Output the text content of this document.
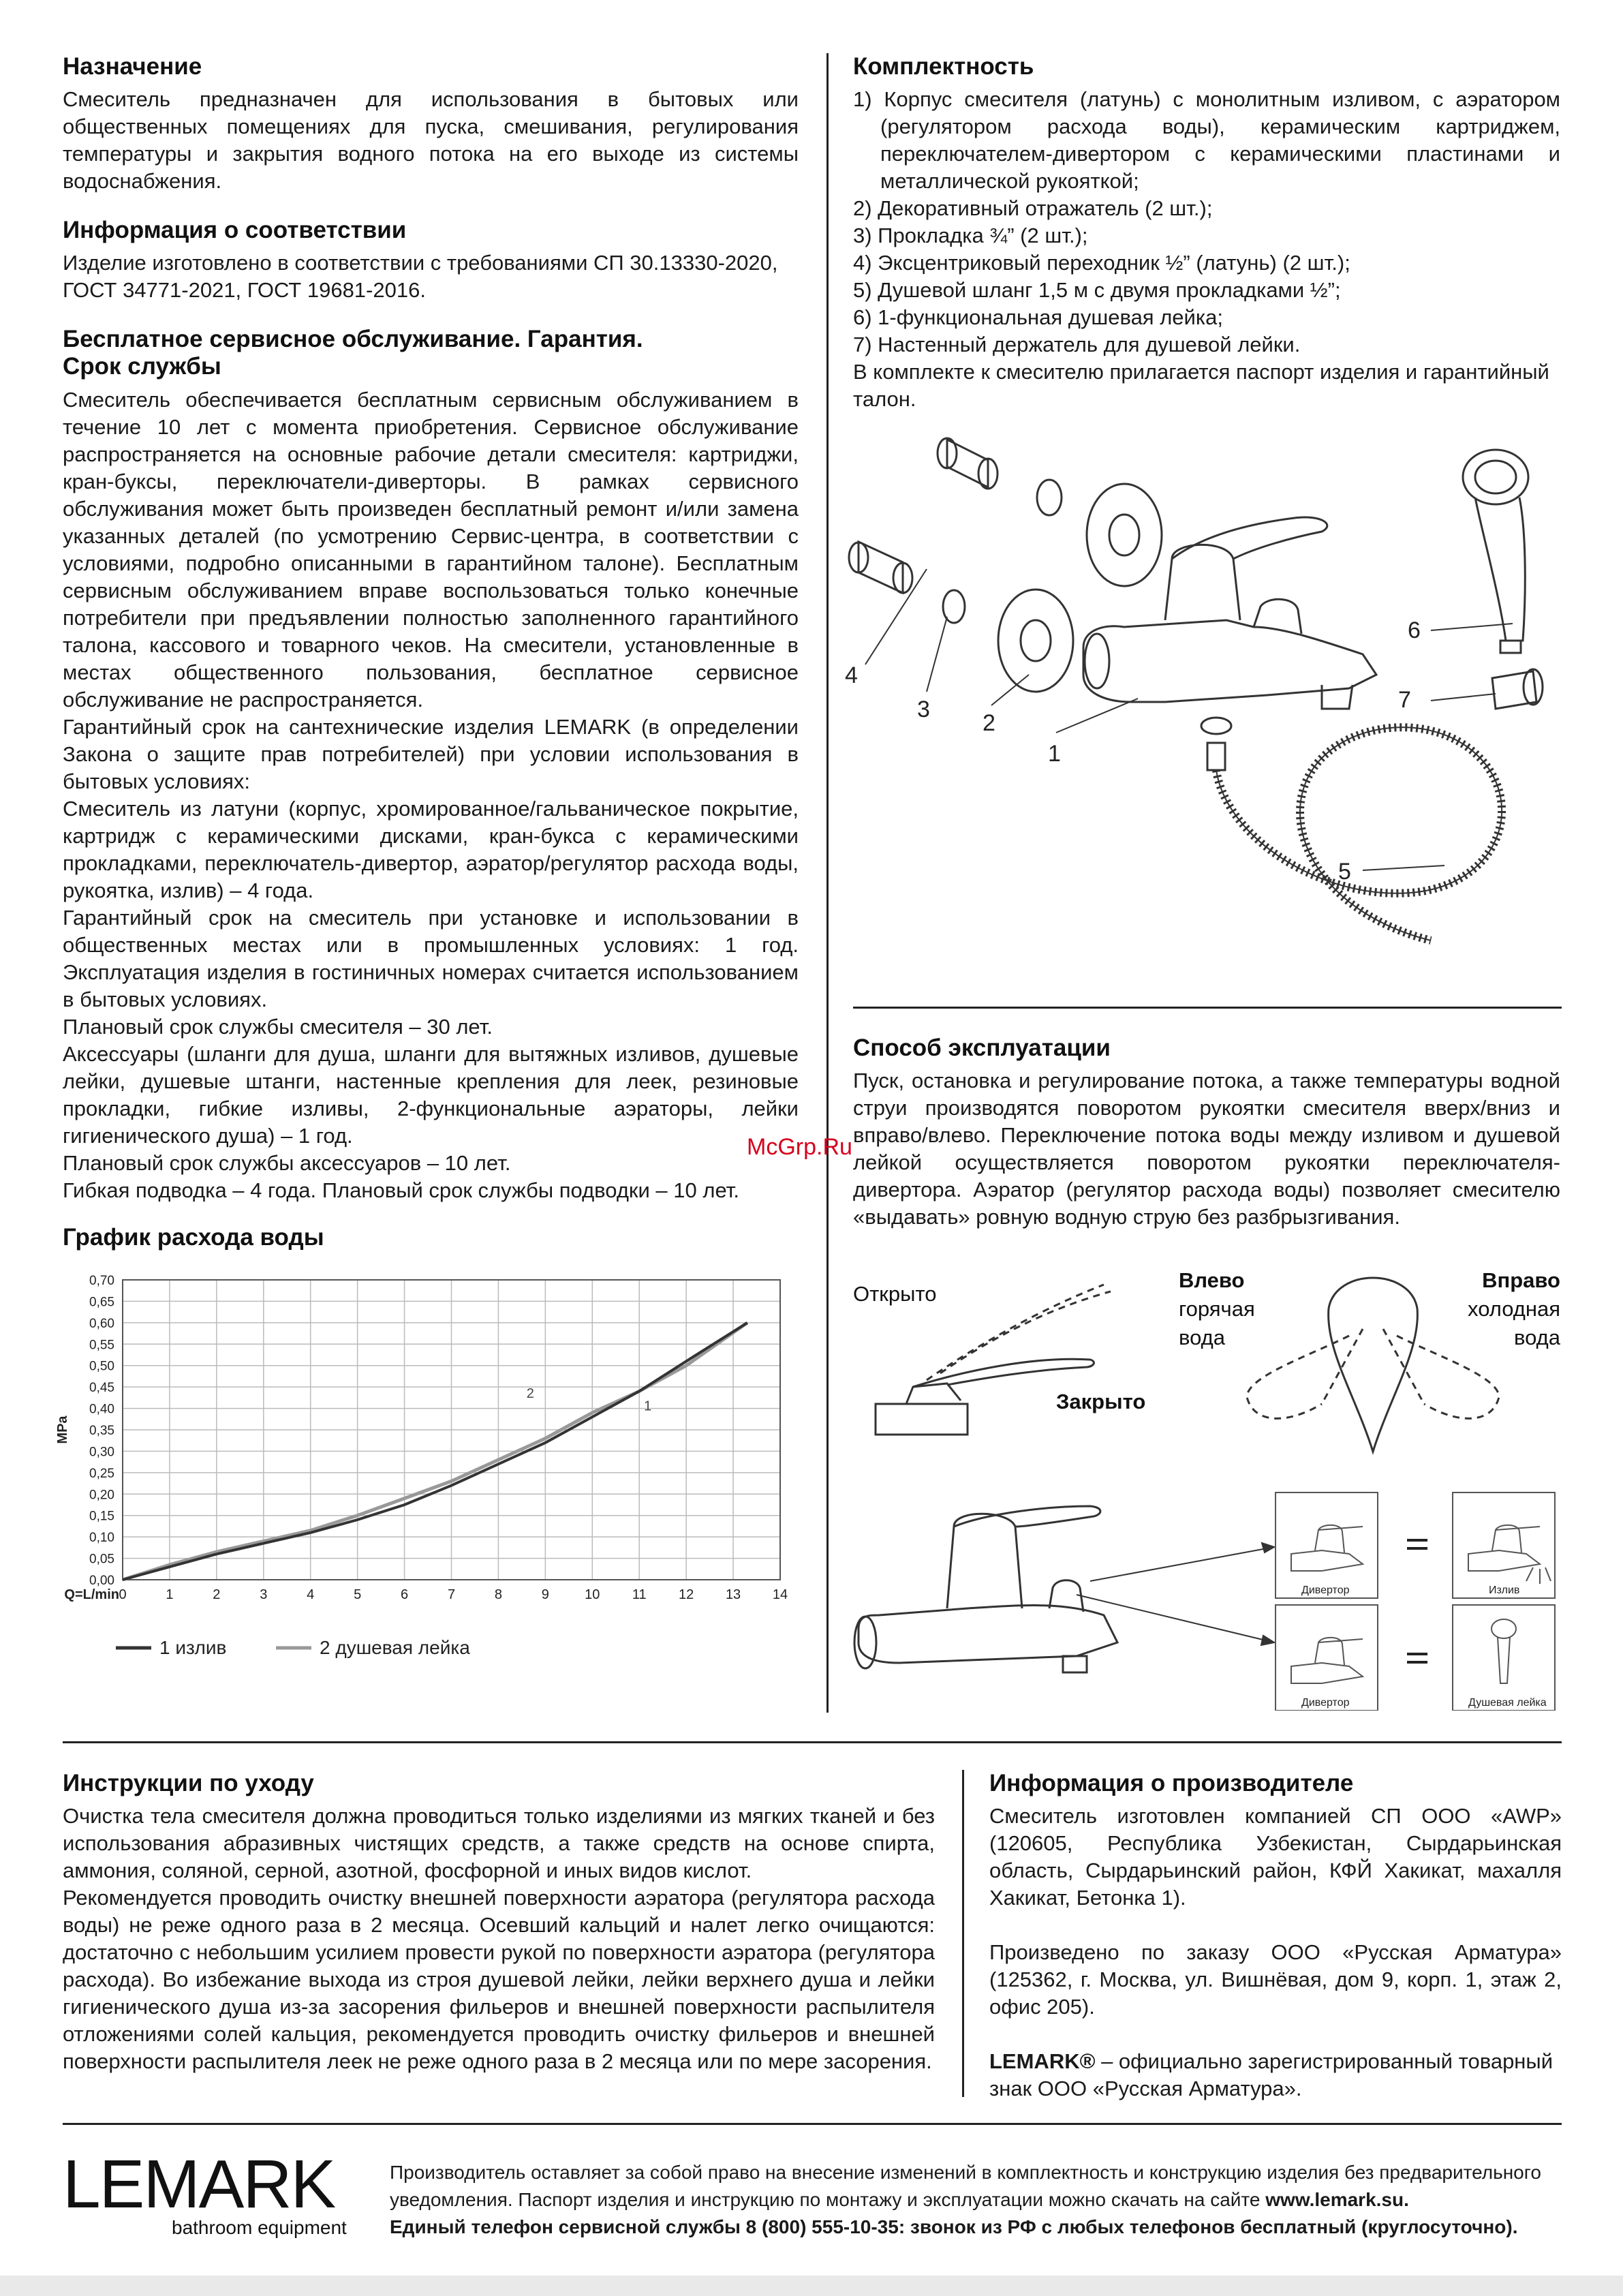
Назначение

Смеситель предназначен для использования в бытовых или общественных помещениях для пуска, смешивания, регулирования температуры и закрытия водного потока на его выходе из системы водоснабжения.

Информация о соответствии

Изделие изготовлено в соответствии с требованиями СП 30.13330-2020, ГОСТ 34771-2021, ГОСТ 19681-2016.

Бесплатное сервисное обслуживание. Гарантия.
Срок службы

Смеситель обеспечивается бесплатным сервисным обслуживанием в течение 10 лет с момента приобретения. Сервисное обслуживание распространяется на основные рабочие детали смесителя: картриджи, кран-буксы, переключатели-диверторы. В рамках сервисного обслуживания может быть произведен бесплатный ремонт и/или замена указанных деталей (по усмотрению Сервис-центра, в соответствии с условиями, подробно описанными в гарантийном талоне). Бесплатным сервисным обслуживанием вправе воспользоваться только конечные потребители при предъявлении полностью заполненного гарантийного талона, кассового и товарного чеков. На смесители, установленные в местах общественного пользования, бесплатное сервисное обслуживание не распространяется.

Гарантийный срок на сантехнические изделия LEMARK (в определении Закона о защите прав потребителей) при условии использования в бытовых условиях:

Смеситель из латуни (корпус, хромированное/гальваническое покрытие, картридж с керамическими дисками, кран-букса с керамическими прокладками, переключатель-дивертор, аэратор/регулятор расхода воды, рукоятка, излив) – 4 года.

Гарантийный срок на смеситель при установке и использовании в общественных местах или в промышленных условиях: 1 год. Эксплуатация изделия в гостиничных номерах считается использованием в бытовых условиях.

Плановый срок службы смесителя – 30 лет.

Аксессуары (шланги для душа, шланги для вытяжных изливов, душевые лейки, душевые штанги, настенные крепления для леек, резиновые прокладки, гибкие изливы, 2-функциональные аэраторы, лейки гигиенического душа) – 1 год.

Плановый срок службы аксессуаров – 10 лет.

Гибкая подводка – 4 года. Плановый срок службы подводки – 10 лет.

График расхода воды
0	1	2	3	4	5	6	7	8	9	10 11 12 13 14
0,00
0,05
0,10
0,15
0,20
0,25
0,30
0,35
0,40
0,45
0,50
0,55
0,60
0,65
0,70
Q=L/min
MPa
1
2
1 излив	2 душевая лейка
Комплектность
1) Корпус смесителя (латунь) с монолитным изливом, с аэратором (регулятором расхода воды), керамическим картриджем, переключателем-дивертором с керамическими пластинами и металлической рукояткой;
2) Декоративный отражатель (2 шт.);
3) Прокладка ¾” (2 шт.);
4) Эксцентриковый переходник ½” (латунь) (2 шт.);
5) Душевой шланг 1,5 м с двумя прокладками ½”;
6) 1-функциональная душевая лейка;
7) Настенный держатель для душевой лейки.

В комплекте к смесителю прилагается паспорт изделия и гарантийный талон.

4
3
2
1
6
7
5
Способ эксплуатации

Пуск, остановка и регулирование потока, а также температуры водной струи производятся поворотом рукоятки смесителя вверх/вниз и вправо/влево. Переключение потока воды между изливом и душевой лейкой осуществляется поворотом рукоятки переключателя-дивертора. Аэратор (регулятор расхода воды) позволяет смесителю «выдавать» ровную водную струю без разбрызгивания.

McGrp.Ru
Дивертор
Дивертор
Излив
Душевая лейка
Открыто
Закрыто
Влево
горячая
вода
Вправо
холодная
вода
Инструкции по уходу

Очистка тела смесителя должна проводиться только изделиями из мягких тканей и без использования абразивных чистящих средств, а также средств на основе спирта, аммония, соляной, серной, азотной, фосфорной и иных видов кислот.

Рекомендуется проводить очистку внешней поверхности аэратора (регулятора расхода воды) не реже одного раза в 2 месяца. Осевший кальций и налет легко очищаются: достаточно с небольшим усилием провести рукой по поверхности аэратора (регулятора расхода). Во избежание выхода из строя душевой лейки, лейки верхнего душа и лейки гигиенического душа из-за засорения фильеров и внешней поверхности распылителя отложениями солей кальция, рекомендуется проводить очистку фильеров и внешней поверхности распылителя леек не реже одного раза в 2 месяца или по мере засорения.

Информация о производителе

Смеситель изготовлен компанией СП ООО «AWP» (120605, Республика Узбекистан, Сырдарьинская область, Сырдарьинский район, КФЙ Хакикат, махалля Хакикат, Бетонка 1).

Произведено по заказу ООО «Русская Арматура» (125362, г. Москва, ул. Вишнёвая, дом 9, корп. 1, этаж 2, офис 205).

LEMARK® – официально зарегистрированный товарный знак ООО «Русская Арматура».

LEMARK
bathroom equipment
Производитель оставляет за собой право на внесение изменений в комплектность и конструкцию изделия без предварительного
уведомления. Паспорт изделия и инструкцию по монтажу и эксплуатации можно скачать на сайте www.lemark.su.
Единый телефон сервисной службы 8 (800) 555-10-35: звонок из РФ с любых телефонов бесплатный (круглосуточно).
